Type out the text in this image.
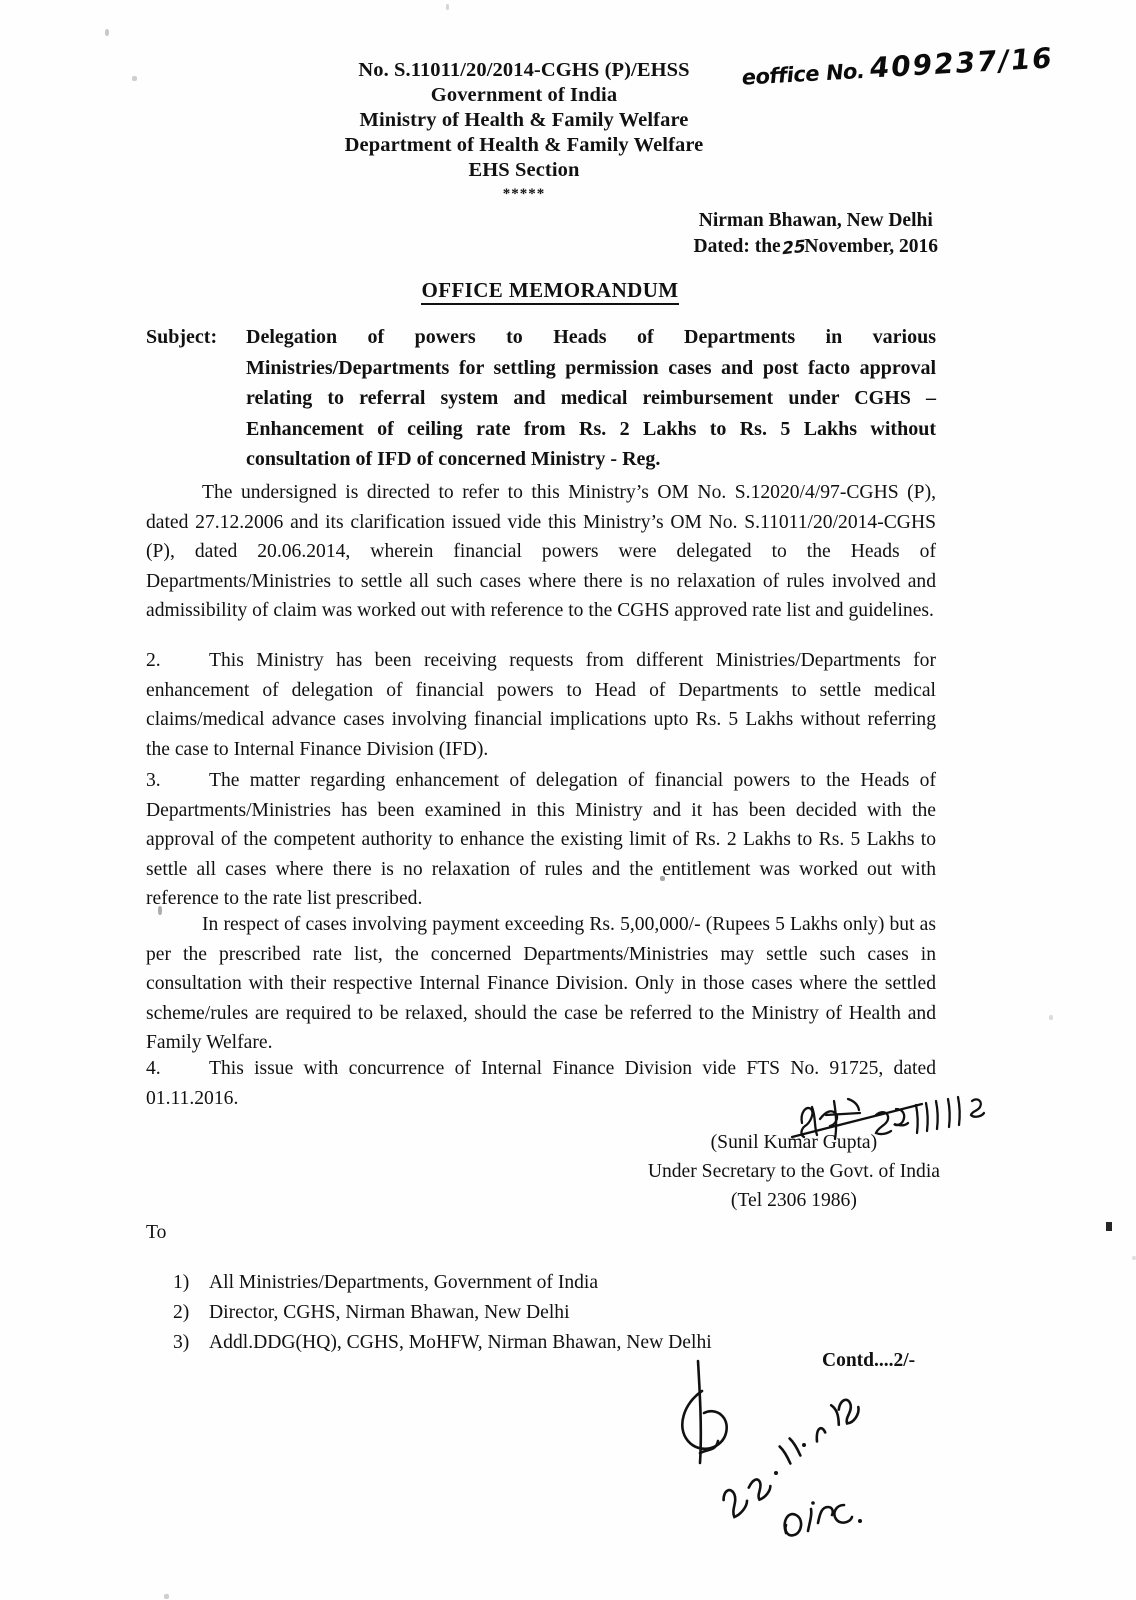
No. S.11011/20/2014-CGHS (P)/EHSS
Government of India
Ministry of Health & Family Welfare
Department of Health & Family Welfare
EHS Section
*****
eoffice No.409237/16
Nirman Bhawan, New Delhi
Dated: the25November, 2016
OFFICE MEMORANDUM
Subject:	Delegation of powers to Heads of Departments in various Ministries/Departments for settling permission cases and post facto approval relating to referral system and medical reimbursement under CGHS – Enhancement of ceiling rate from Rs. 2 Lakhs to Rs. 5 Lakhs without consultation of IFD of concerned Ministry - Reg.
The undersigned is directed to refer to this Ministry’s OM No. S.12020/4/97-CGHS (P), dated 27.12.2006 and its clarification issued vide this Ministry’s OM No. S.11011/20/2014-CGHS (P), dated 20.06.2014, wherein financial powers were delegated to the Heads of Departments/Ministries to settle all such cases where there is no relaxation of rules involved and admissibility of claim was worked out with reference to the CGHS approved rate list and guidelines.
2. This Ministry has been receiving requests from different Ministries/Departments for enhancement of delegation of financial powers to Head of Departments to settle medical claims/medical advance cases involving financial implications upto Rs. 5 Lakhs without referring the case to Internal Finance Division (IFD).
3. The matter regarding enhancement of delegation of financial powers to the Heads of Departments/Ministries has been examined in this Ministry and it has been decided with the approval of the competent authority to enhance the existing limit of Rs. 2 Lakhs to Rs. 5 Lakhs to settle all cases where there is no relaxation of rules and the entitlement was worked out with reference to the rate list prescribed.
In respect of cases involving payment exceeding Rs. 5,00,000/- (Rupees 5 Lakhs only) but as per the prescribed rate list, the concerned Departments/Ministries may settle such cases in consultation with their respective Internal Finance Division. Only in those cases where the settled scheme/rules are required to be relaxed, should the case be referred to the Ministry of Health and Family Welfare.
4. This issue with concurrence of Internal Finance Division vide FTS No. 91725, dated 01.11.2016.
(Sunil Kumar Gupta)
Under Secretary to the Govt. of India
(Tel 2306 1986)
To
1)	All Ministries/Departments, Government of India
2)	Director, CGHS, Nirman Bhawan, New Delhi
3)	Addl.DDG(HQ), CGHS, MoHFW, Nirman Bhawan, New Delhi
Contd....2/-
